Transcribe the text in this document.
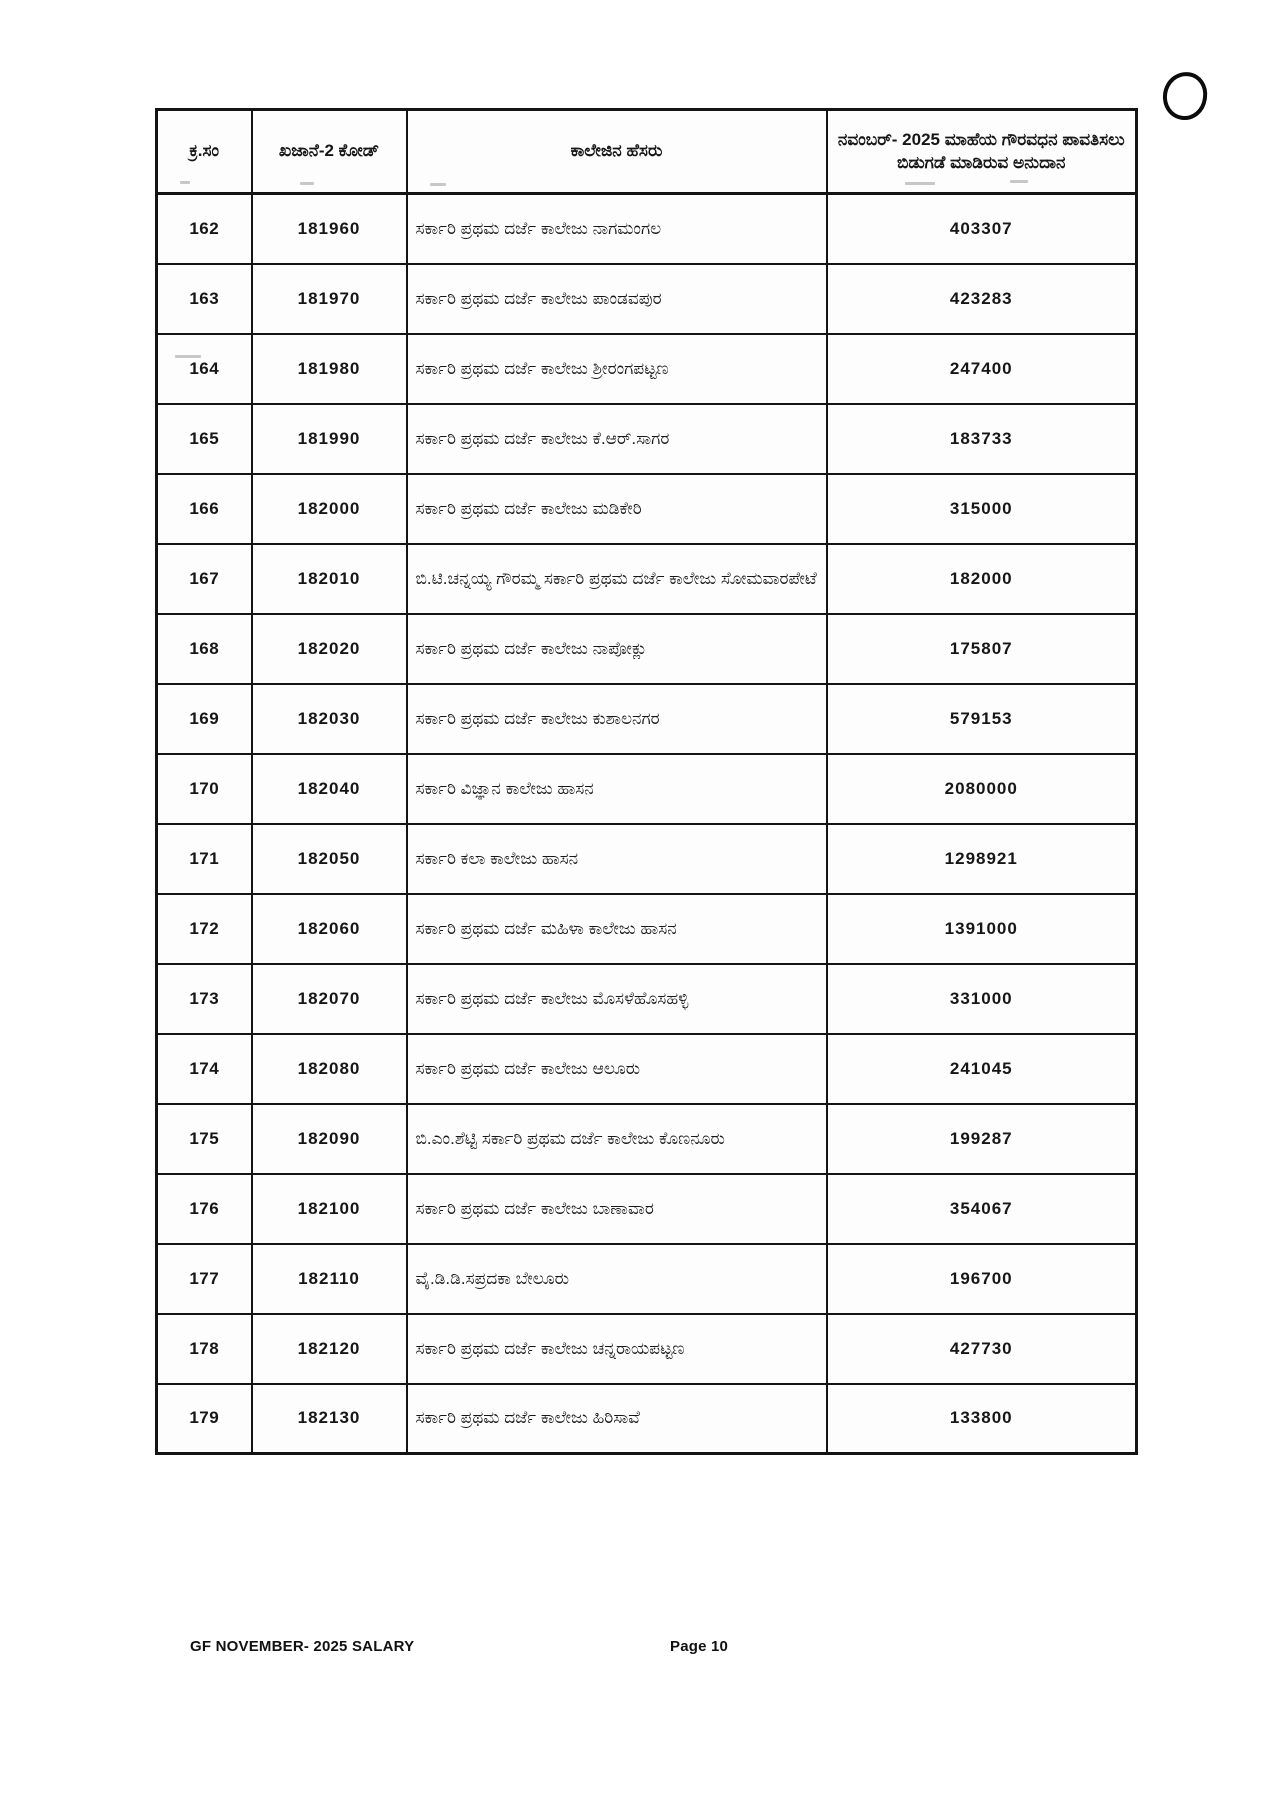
ಕ್ರ.ಸಂ	ಖಜಾನೆ-2 ಕೋಡ್	ಕಾಲೇಜಿನ ಹೆಸರು	ನವಂಬರ್- 2025 ಮಾಹೆಯ ಗೌರವಧನ ಪಾವತಿಸಲು ಬಿಡುಗಡೆ ಮಾಡಿರುವ ಅನುದಾನ
162	181960	ಸರ್ಕಾರಿ ಪ್ರಥಮ ದರ್ಜೆ ಕಾಲೇಜು ನಾಗಮಂಗಲ	403307
163	181970	ಸರ್ಕಾರಿ ಪ್ರಥಮ ದರ್ಜೆ ಕಾಲೇಜು ಪಾಂಡವಪುರ	423283
164	181980	ಸರ್ಕಾರಿ ಪ್ರಥಮ ದರ್ಜೆ ಕಾಲೇಜು ಶ್ರೀರಂಗಪಟ್ಟಣ	247400
165	181990	ಸರ್ಕಾರಿ ಪ್ರಥಮ ದರ್ಜೆ ಕಾಲೇಜು ಕೆ.ಆರ್.ಸಾಗರ	183733
166	182000	ಸರ್ಕಾರಿ ಪ್ರಥಮ ದರ್ಜೆ ಕಾಲೇಜು ಮಡಿಕೇರಿ	315000
167	182010	ಬಿ.ಟಿ.ಚನ್ನಯ್ಯ ಗೌರಮ್ಮ ಸರ್ಕಾರಿ ಪ್ರಥಮ ದರ್ಜೆ ಕಾಲೇಜು ಸೋಮವಾರಪೇಟೆ	182000
168	182020	ಸರ್ಕಾರಿ ಪ್ರಥಮ ದರ್ಜೆ ಕಾಲೇಜು ನಾಪೋಕ್ಲು	175807
169	182030	ಸರ್ಕಾರಿ ಪ್ರಥಮ ದರ್ಜೆ ಕಾಲೇಜು ಕುಶಾಲನಗರ	579153
170	182040	ಸರ್ಕಾರಿ ವಿಜ್ಞಾನ ಕಾಲೇಜು ಹಾಸನ	2080000
171	182050	ಸರ್ಕಾರಿ ಕಲಾ ಕಾಲೇಜು ಹಾಸನ	1298921
172	182060	ಸರ್ಕಾರಿ ಪ್ರಥಮ ದರ್ಜೆ ಮಹಿಳಾ ಕಾಲೇಜು ಹಾಸನ	1391000
173	182070	ಸರ್ಕಾರಿ ಪ್ರಥಮ ದರ್ಜೆ ಕಾಲೇಜು ಮೊಸಳೆಹೊಸಹಳ್ಳಿ	331000
174	182080	ಸರ್ಕಾರಿ ಪ್ರಥಮ ದರ್ಜೆ ಕಾಲೇಜು ಆಲೂರು	241045
175	182090	ಬಿ.ಎಂ.ಶೆಟ್ಟಿ ಸರ್ಕಾರಿ ಪ್ರಥಮ ದರ್ಜೆ ಕಾಲೇಜು ಕೊಣನೂರು	199287
176	182100	ಸರ್ಕಾರಿ ಪ್ರಥಮ ದರ್ಜೆ ಕಾಲೇಜು ಬಾಣಾವಾರ	354067
177	182110	ವೈ.ಡಿ.ಡಿ.ಸಪ್ರದಕಾ ಬೇಲೂರು	196700
178	182120	ಸರ್ಕಾರಿ ಪ್ರಥಮ ದರ್ಜೆ ಕಾಲೇಜು ಚನ್ನರಾಯಪಟ್ಟಣ	427730
179	182130	ಸರ್ಕಾರಿ ಪ್ರಥಮ ದರ್ಜೆ ಕಾಲೇಜು ಹಿರಿಸಾವೆ	133800
GF NOVEMBER- 2025 SALARY	Page 10
